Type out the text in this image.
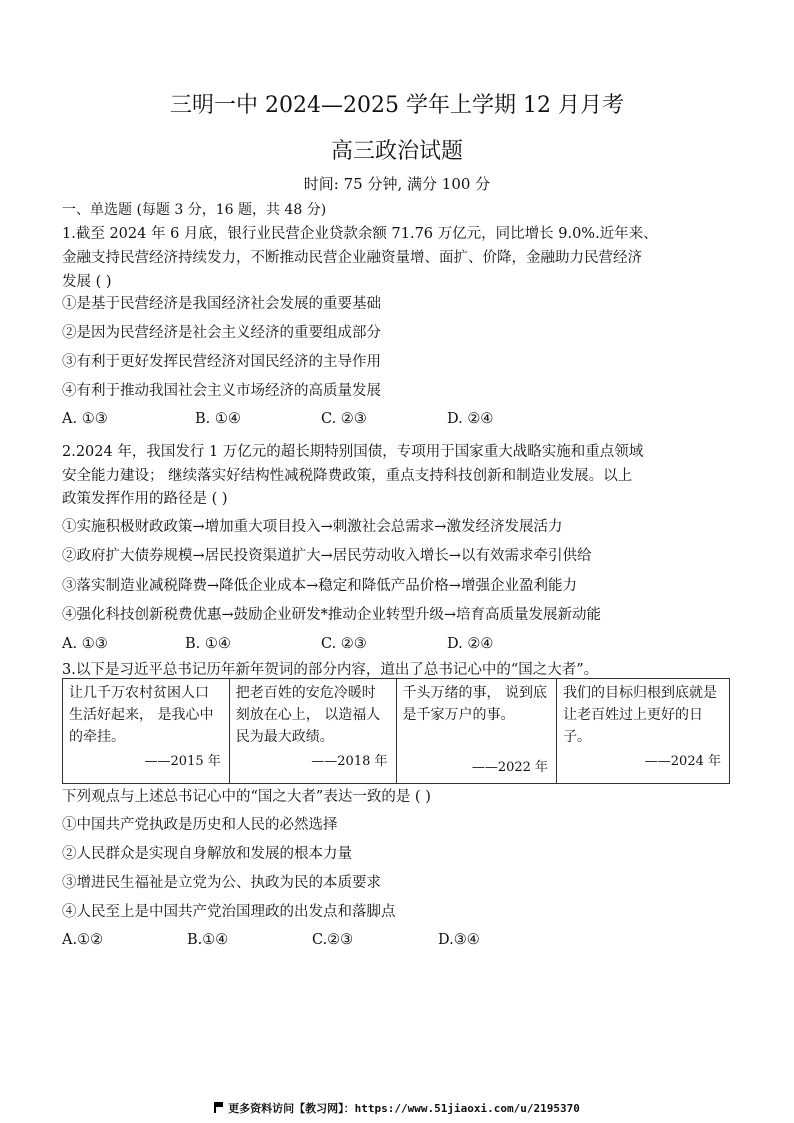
三明一中 2024—2025 学年上学期 12 月月考
高三政治试题
时间: 75 分钟, 满分 100 分
一、单选题 (每题 3 分，16 题，共 48 分)
1.截至 2024 年 6 月底，银行业民营企业贷款余额 71.76 万亿元，同比增长 9.0%.近年来、
金融支持民营经济持续发力，不断推动民营企业融资量增、面扩、价降，金融助力民营经济
发展 ( )
①是基于民营经济是我国经济社会发展的重要基础
②是因为民营经济是社会主义经济的重要组成部分
③有利于更好发挥民营经济对国民经济的主导作用
④有利于推动我国社会主义市场经济的高质量发展
A. ①③	B. ①④	C. ②③	D. ②④
2.2024 年，我国发行 1 万亿元的超长期特别国债，专项用于国家重大战略实施和重点领域
安全能力建设； 继续落实好结构性减税降费政策，重点支持科技创新和制造业发展。以上
政策发挥作用的路径是 ( )
①实施积极财政政策→增加重大项目投入→刺激社会总需求→激发经济发展活力
②政府扩大债券规模→居民投资渠道扩大→居民劳动收入增长→以有效需求牵引供给
③落实制造业减税降费→降低企业成本→稳定和降低产品价格→增强企业盈利能力
④强化科技创新税费优惠→鼓励企业研发*推动企业转型升级→培育高质量发展新动能
A. ①③	B. ①④	C. ②③	D. ②④
3.以下是习近平总书记历年新年贺词的部分内容，道出了总书记心中的“国之大者”。
让几千万农村贫困人口生活好起来， 是我心中的牵挂。
——2015 年

把老百姓的安危冷暖时刻放在心上， 以造福人民为最大政绩。
——2018 年

千头万绪的事， 说到底是千家万户的事。
——2022 年

我们的目标归根到底就是让老百姓过上更好的日子。
——2024 年
下列观点与上述总书记心中的“国之大者”表达一致的是 ( )
①中国共产党执政是历史和人民的必然选择
②人民群众是实现自身解放和发展的根本力量
③增进民生福祉是立党为公、执政为民的本质要求
④人民至上是中国共产党治国理政的出发点和落脚点
A.①②	B.①④	C.②③	D.③④
更多资料访问【教习网】：https://www.51jiaoxi.com/u/2195370
